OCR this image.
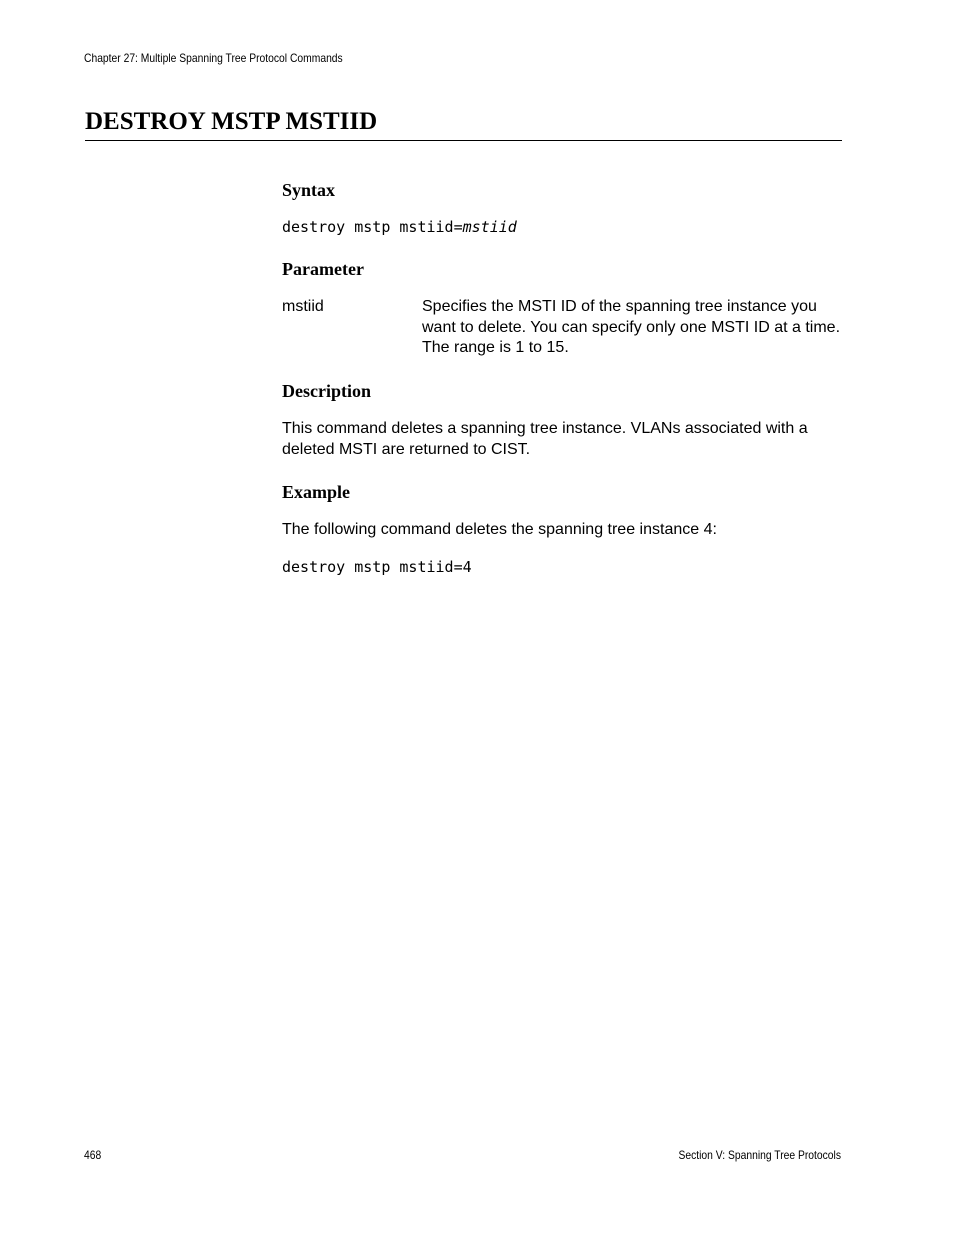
Chapter 27: Multiple Spanning Tree Protocol Commands
DESTROY MSTP MSTIID
Syntax
destroy mstp mstiid=mstiid
Parameter
mstiid	Specifies the MSTI ID of the spanning tree instance you want to delete. You can specify only one MSTI ID at a time. The range is 1 to 15.
Description
This command deletes a spanning tree instance. VLANs associated with a deleted MSTI are returned to CIST.
Example
The following command deletes the spanning tree instance 4:
destroy mstp mstiid=4
468	Section V: Spanning Tree Protocols
